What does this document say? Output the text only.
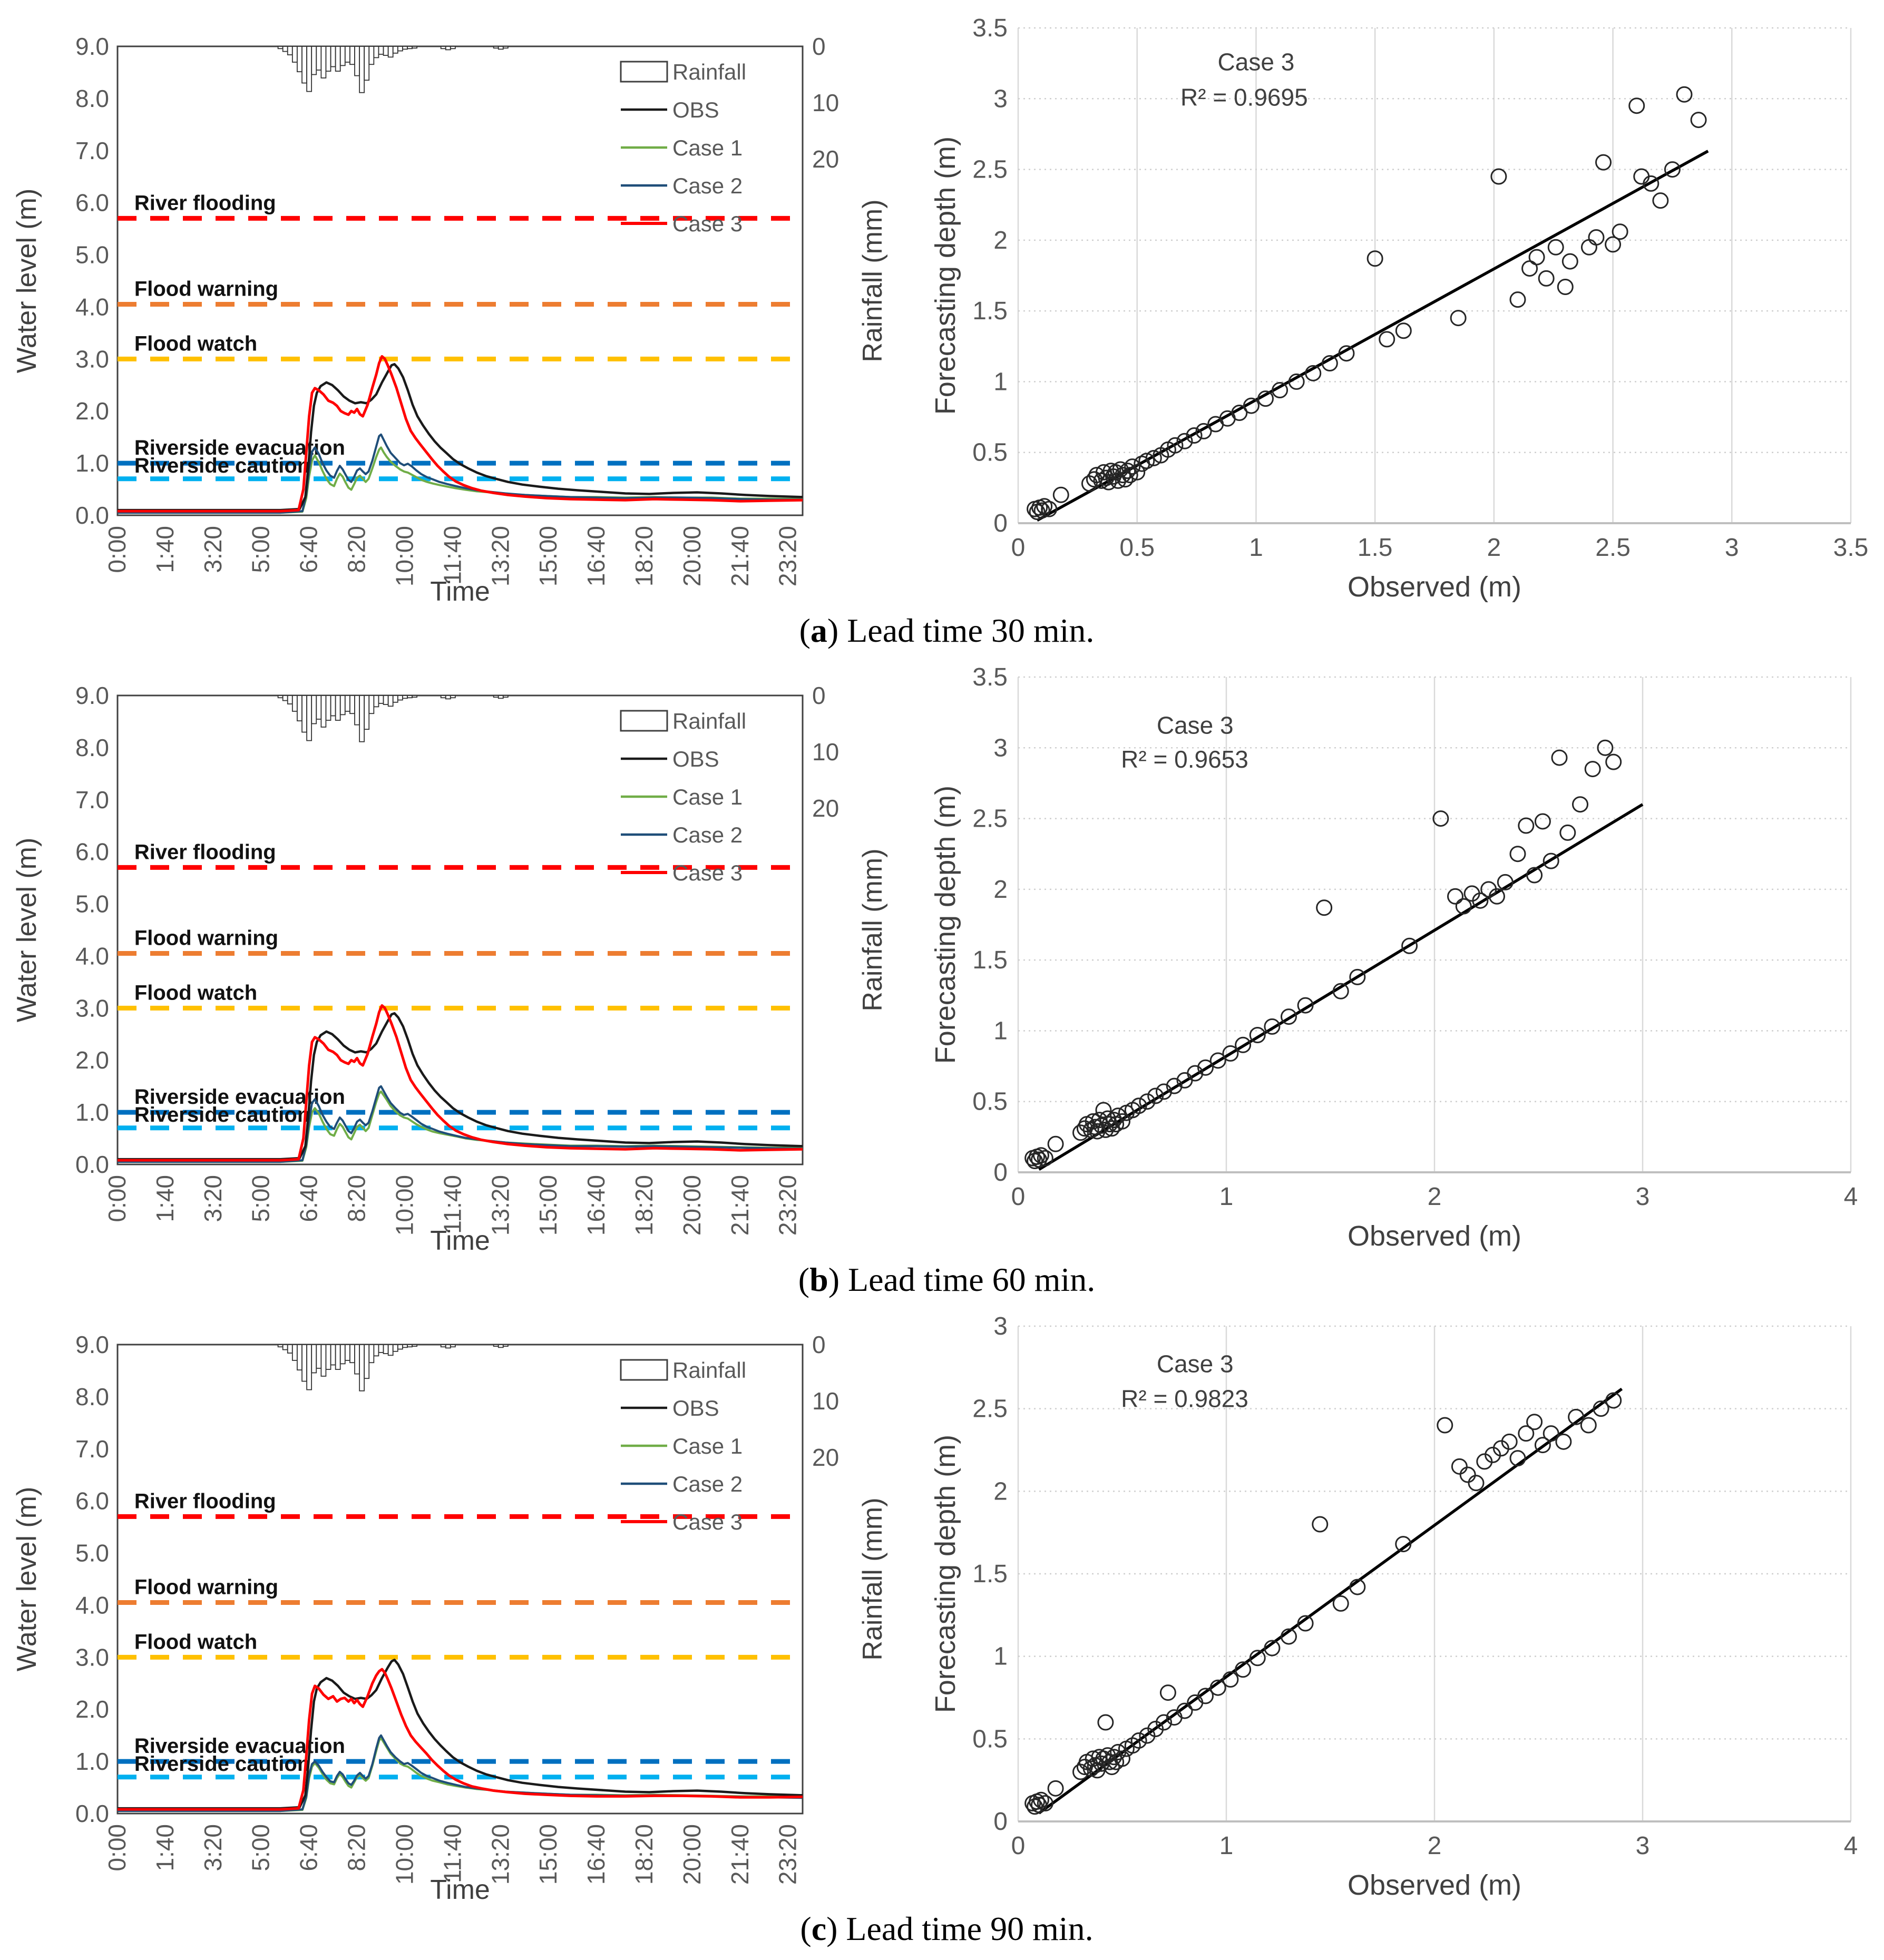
River flooding
Flood warning
Flood watch
Riverside evacuation
Riverside caution
Rainfall
OBS
Case 1
Case 2
Case 3
0.0
1.0
2.0
3.0
4.0
5.0
6.0
7.0
8.0
9.0	0
10
20
0:00 1:40 3:20 5:00 6:40 8:20 10:00 11:40 13:20 15:00 16:40 18:20 20:00 21:40 23:20
Time
Water level (m)	Rainfall (mm)
Case 3
R² = 0.9695
0	0.5	1	1.5	2	2.5	3	3.5
0
0.5
1
1.5
2
2.5
3
3.5
Observed (m)
Forecasting depth (m)

(a) Lead time 30 min.

River flooding
Flood warning
Flood watch
Riverside evacuation
Riverside caution
Rainfall
OBS
Case 1
Case 2
Case 3
0.0
1.0
2.0
3.0
4.0
5.0
6.0
7.0
8.0
9.0	0
10
20
0:00 1:40 3:20 5:00 6:40 8:20 10:00 11:40 13:20 15:00 16:40 18:20 20:00 21:40 23:20
Time
Water level (m)	Rainfall (mm)
Case 3
R² = 0.9653
0	1	2	3	4
0
0.5
1
1.5
2
2.5
3
3.5
Observed (m)
Forecasting depth (m)

(b) Lead time 60 min.

River flooding
Flood warning
Flood watch
Riverside evacuation
Riverside caution
Rainfall
OBS
Case 1
Case 2
Case 3
0.0
1.0
2.0
3.0
4.0
5.0
6.0
7.0
8.0
9.0	0
10
20
0:00 1:40 3:20 5:00 6:40 8:20 10:00 11:40 13:20 15:00 16:40 18:20 20:00 21:40 23:20
Time
Water level (m)	Rainfall (mm)
Case 3
R² = 0.9823
0	1	2	3	4
0
0.5
1
1.5
2
2.5
3
Observed (m)
Forecasting depth (m)

(c) Lead time 90 min.
